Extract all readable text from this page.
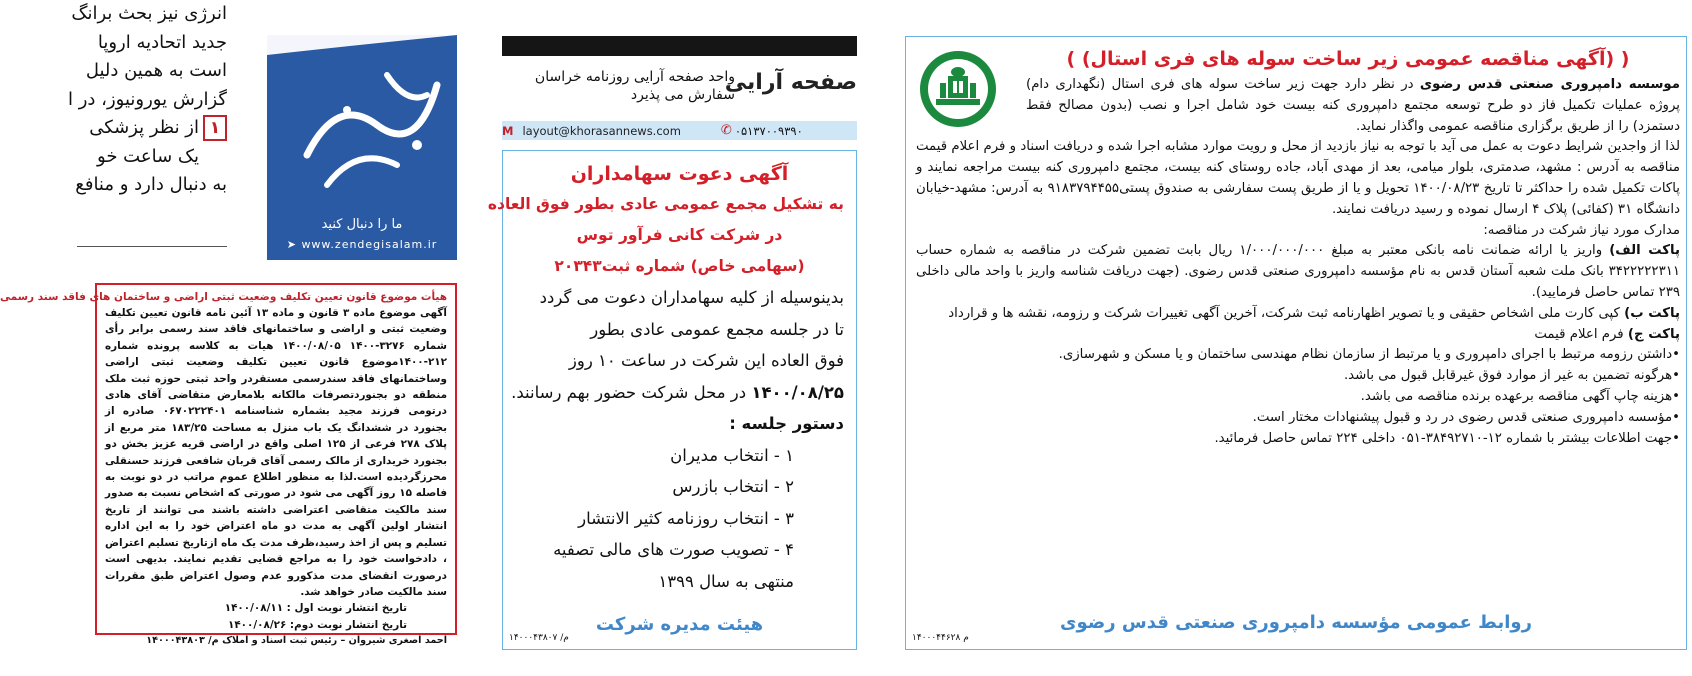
انرژی نیز بحث برانگ
جدید اتحادیه اروپا
است به همین دلیل
گزارش یورونیوز، در ا
۱از نظر پزشکی
یک ساعت خو
به دنبال دارد و منافع
ما را دنبال کنید
➤ www.zendegisalam.ir
هیأت موضوع قانون تعیین تکلیف وضعیت ثبتی اراضی و ساختمان های فاقد سند رسمی
آگهی موضوع ماده ۳ قانون و ماده ۱۳ آئین نامه قانون تعیین تکلیف وضعیت ثبتی و اراضی و ساختمانهای فاقد سند رسمی برابر رأی شماره ۳۲۷۶-۱۴۰۰ ۱۴۰۰/۰۸/۰۵ هیات به کلاسه پرونده شماره ۲۱۲-۱۴۰۰موضوع قانون تعیین تکلیف وضعیت ثبتی اراضی وساختمانهای فاقد سندرسمی مستقردر واحد ثبتی حوزه ثبت ملک منطقه دو بجنوردتصرفات مالکانه بلامعارض متقاضی آقای هادی درتومی فرزند مجید بشماره شناسنامه ۰۶۷۰۲۲۲۴۰۱ صادره از بجنورد در ششدانگ یک باب منزل به مساحت ۱۸۳/۲۵ متر مربع از پلاک ۲۷۸ فرعی از ۱۲۵ اصلی واقع در اراضی قریه عزیز بخش دو بجنورد خریداری از مالک رسمی آقای قربان شافعی فرزند حسنقلی محرزگردیده است.لذا به منظور اطلاع عموم مراتب در دو نوبت به فاصله ۱۵ روز آگهی می شود در صورتی که اشخاص نسبت به صدور سند مالکیت متقاضی اعتراضی داشته باشند می توانند از تاریخ انتشار اولین آگهی به مدت دو ماه اعتراض خود را به این اداره تسلیم و پس از اخذ رسید،ظرف مدت یک ماه ازتاریخ تسلیم اعتراض ، دادخواست خود را به مراجع قضایی تقدیم نمایند. بدیهی است درصورت انقضای مدت مذکورو عدم وصول اعتراض طبق مقررات سند مالکیت صادر خواهد شد.
تاریخ انتشار نوبت اول : ۱۴۰۰/۰۸/۱۱
تاریخ انتشار نوبت دوم: ۱۴۰۰/۰۸/۲۶
احمد اصغری شیروان – رئیس ثبت اسناد و املاک م/ ۱۴۰۰۰۴۳۸۰۳
صفحه آرایی
واحد صفحه آرایی روزنامه خراسان
سفارش می پذیرد
M layout@khorasannews.com	✆ ۰۵۱۳۷۰۰۹۳۹۰
آگهی دعوت سهامداران
به تشکیل مجمع عمومی عادی بطور فوق العاده
در شرکت کانی فرآور توس
(سهامی خاص) شماره ثبت۲۰۳۴۳
بدینوسیله از کلیه سهامداران دعوت می گردد
تا در جلسه مجمع عمومی عادی بطور
فوق العاده این شرکت در ساعت ۱۰ روز
۱۴۰۰/۰۸/۲۵ در محل شرکت حضور بهم رسانند.
دستور جلسه :
۱ - انتخاب مدیران
۲ - انتخاب بازرس
۳ - انتخاب روزنامه کثیر الانتشار
۴ - تصویب صورت های مالی تصفیه
منتهی به سال ۱۳۹۹
هیئت مدیره شرکت
م/ ۱۴۰۰۰۴۳۸۰۷
( (آگهی مناقصه عمومی زیر ساخت سوله های فری استال) )
موسسه دامپروری صنعتی قدس رضوی در نظر دارد جهت زیر ساخت سوله های فری استال (نگهداری دام) پروژه عملیات تکمیل فاز دو طرح توسعه مجتمع دامپروری کنه بیست خود شامل اجرا و نصب (بدون مصالح فقط دستمزد) را از طریق برگزاری مناقصه عمومی واگذار نماید.
لذا از واجدین شرایط دعوت به عمل می آید با توجه به نیاز بازدید از محل و رویت موارد مشابه اجرا شده و دریافت اسناد و فرم اعلام قیمت مناقصه به آدرس : مشهد، صدمتری، بلوار میامی، بعد از مهدی آباد، جاده روستای کنه بیست، مجتمع دامپروری کنه بیست مراجعه نمایند و پاکات تکمیل شده را حداکثر تا تاریخ ۱۴۰۰/۰۸/۲۳ تحویل و یا از طریق پست سفارشی به صندوق پستی۹۱۸۳۷۹۴۴۵۵ به آدرس: مشهد-خیابان دانشگاه ۳۱ (کفائی) پلاک ۴ ارسال نموده و رسید دریافت نمایند.
مدارک مورد نیاز شرکت در مناقصه:
پاکت الف) واریز یا ارائه ضمانت نامه بانکی معتبر به مبلغ ۱/۰۰۰/۰۰۰/۰۰۰ ریال بابت تضمین شرکت در مناقصه به شماره حساب ۳۴۲۲۲۲۲۳۱۱ بانک ملت شعبه آستان قدس به نام مؤسسه دامپروری صنعتی قدس رضوی. (جهت دریافت شناسه واریز با واحد مالی داخلی ۲۳۹ تماس حاصل فرمایید).
پاکت ب) کپی کارت ملی اشخاص حقیقی و یا تصویر اظهارنامه ثبت شرکت، آخرین آگهی تغییرات شرکت و رزومه، نقشه ها و قرارداد
پاکت ج) فرم اعلام قیمت
•داشتن رزومه مرتبط با اجرای دامپروری و یا مرتبط از سازمان نظام مهندسی ساختمان و یا مسکن و شهرسازی.
•هرگونه تضمین به غیر از موارد فوق غیرقابل قبول می باشد.
•هزینه چاپ آگهی مناقصه برعهده برنده مناقصه می باشد.
•مؤسسه دامپروری صنعتی قدس رضوی در رد و قبول پیشنهادات مختار است.
•جهت اطلاعات بیشتر با شماره ۱۲-۳۸۴۹۲۷۱۰-۰۵۱ داخلی ۲۲۴ تماس حاصل فرمائید.
روابط عمومی مؤسسه دامپروری صنعتی قدس رضوی
م ۱۴۰۰۰۴۴۶۲۸
